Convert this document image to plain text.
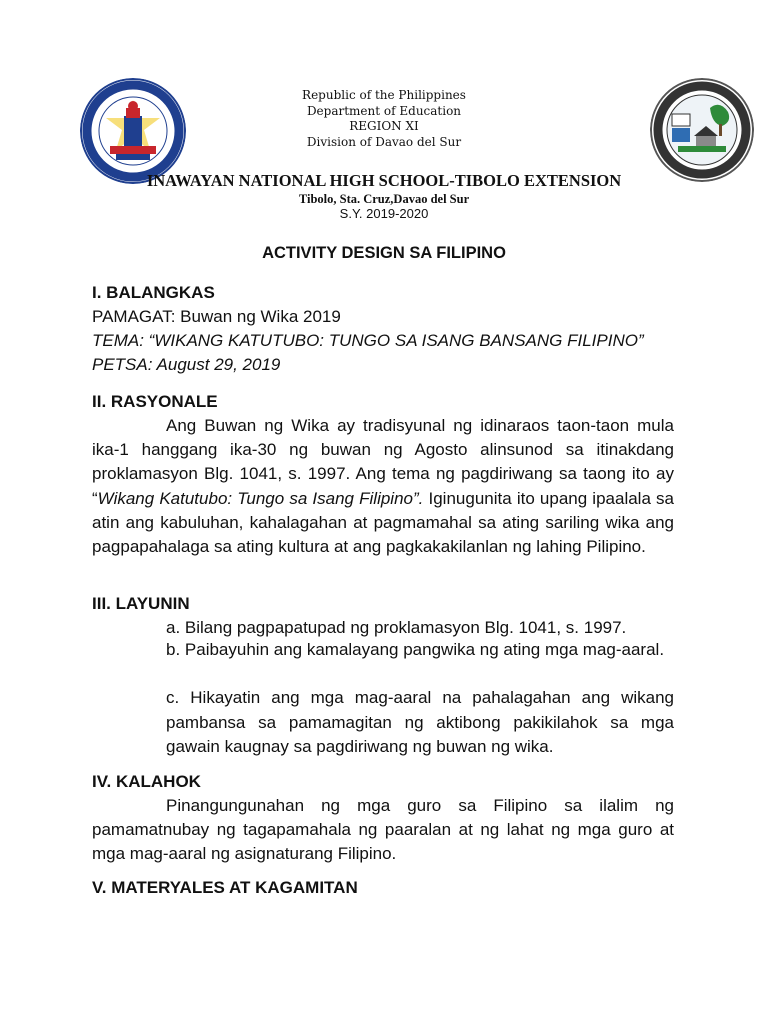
Republic of the Philippines
Department of Education
REGION XI
Division of Davao del Sur
INAWAYAN NATIONAL HIGH SCHOOL-TIBOLO EXTENSION
Tibolo, Sta. Cruz,Davao del Sur
S.Y. 2019-2020
ACTIVITY DESIGN SA FILIPINO
I. BALANGKAS
PAMAGAT: Buwan ng Wika 2019
TEMA: “WIKANG KATUTUBO: TUNGO SA ISANG BANSANG FILIPINO”
PETSA: August 29, 2019
II. RASYONALE
Ang Buwan ng Wika ay tradisyunal ng idinaraos taon-taon mula ika-1 hanggang ika-30 ng buwan ng Agosto alinsunod sa itinakdang proklamasyon Blg. 1041, s. 1997. Ang tema ng pagdiriwang sa taong ito ay “Wikang Katutubo: Tungo sa Isang Filipino”. Iginugunita ito upang ipaalala sa atin ang kabuluhan, kahalagahan at pagmamahal sa ating sariling wika ang pagpapahalaga sa ating kultura at ang pagkakakilanlan ng lahing Pilipino.
III. LAYUNIN
a. Bilang pagpapatupad ng proklamasyon Blg. 1041, s. 1997.
b. Paibayuhin ang kamalayang pangwika ng ating mga mag-aaral.
c. Hikayatin ang mga mag-aaral na pahalagahan ang wikang pambansa sa pamamagitan ng aktibong pakikilahok sa mga gawain kaugnay sa pagdiriwang ng buwan ng wika.
IV. KALAHOK
Pinangungunahan ng mga guro sa Filipino sa ilalim ng pamamatnubay ng tagapamahala ng paaralan at ng lahat ng mga guro at mga mag-aaral ng asignaturang Filipino.
V. MATERYALES AT KAGAMITAN
